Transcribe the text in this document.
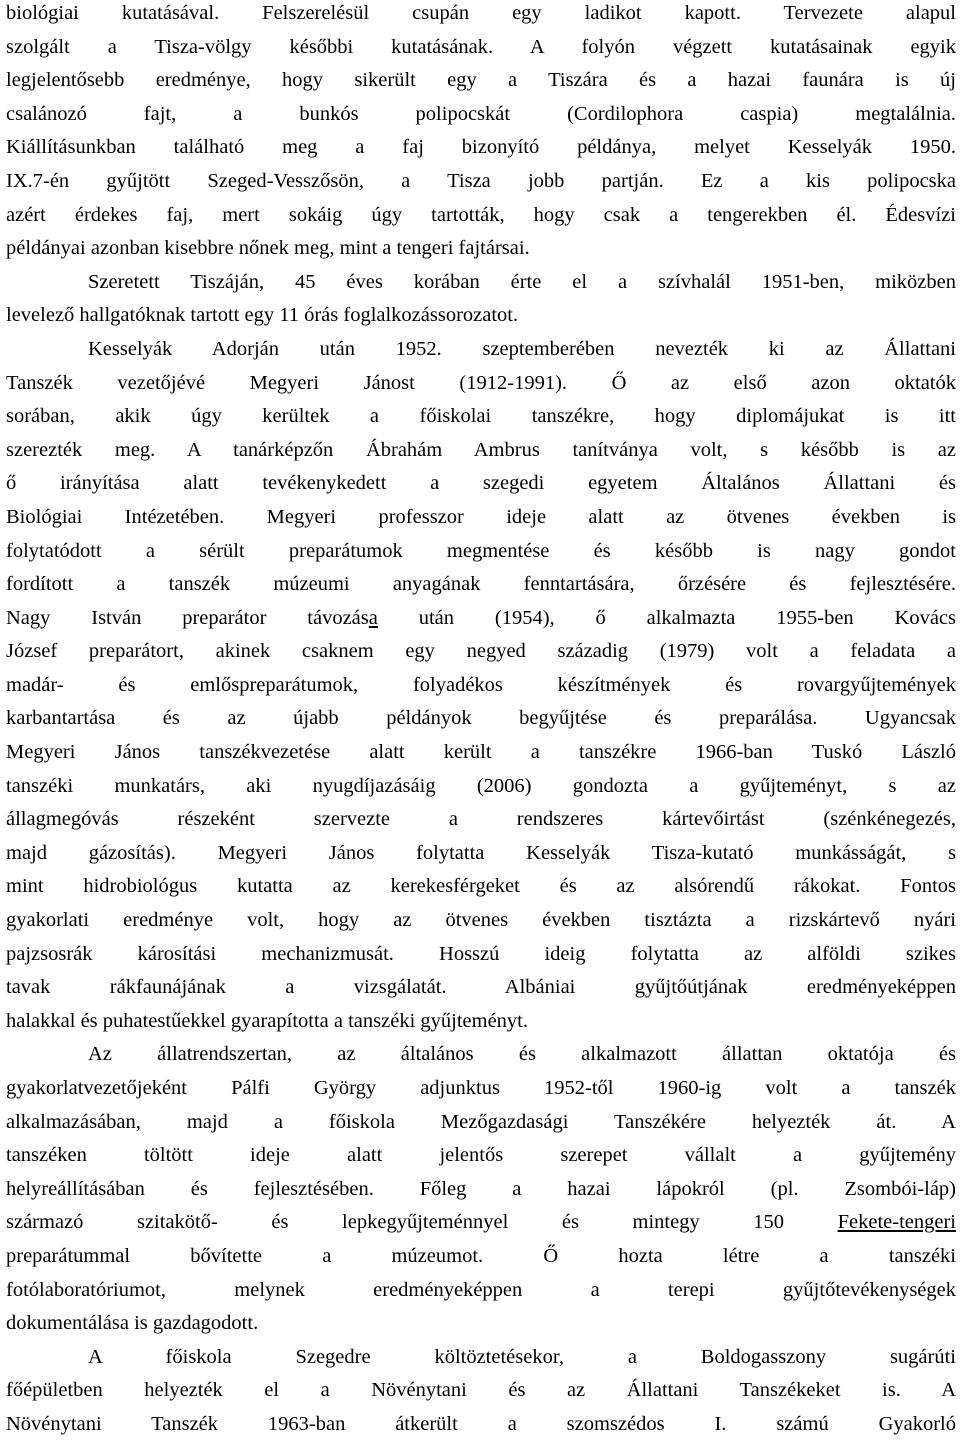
biológiai kutatásával. Felszerelésül csupán egy ladikot kapott. Tervezete alapul
szolgált a Tisza-völgy későbbi kutatásának. A folyón végzett kutatásainak egyik
legjelentősebb eredménye, hogy sikerült egy a Tiszára és a hazai faunára is új
csalánozó fajt, a bunkós polipocskát (Cordilophora caspia) megtalálnia.
Kiállításunkban található meg a faj bizonyító példánya, melyet Kesselyák 1950.
IX.7-én gyűjtött Szeged-Vesszősön, a Tisza jobb partján. Ez a kis polipocska
azért érdekes faj, mert sokáig úgy tartották, hogy csak a tengerekben él. Édesvízi
példányai azonban kisebbre nőnek meg, mint a tengeri fajtársai.
Szeretett Tiszáján, 45 éves korában érte el a szívhalál 1951-ben, miközben
levelező hallgatóknak tartott egy 11 órás foglalkozássorozatot.
Kesselyák Adorján után 1952. szeptemberében nevezték ki az Állattani
Tanszék vezetőjévé Megyeri Jánost (1912-1991). Ő az első azon oktatók
sorában, akik úgy kerültek a főiskolai tanszékre, hogy diplomájukat is itt
szerezték meg. A tanárképzőn Ábrahám Ambrus tanítványa volt, s később is az
ő irányítása alatt tevékenykedett a szegedi egyetem Általános Állattani és
Biológiai Intézetében. Megyeri professzor ideje alatt az ötvenes években is
folytatódott a sérült preparátumok megmentése és később is nagy gondot
fordított a tanszék múzeumi anyagának fenntartására, őrzésére és fejlesztésére.
Nagy István preparátor távozása után (1954), ő alkalmazta 1955-ben Kovács
József preparátort, akinek csaknem egy negyed századig (1979) volt a feladata a
madár- és emlőspreparátumok, folyadékos készítmények és rovargyűjtemények
karbantartása és az újabb példányok begyűjtése és preparálása. Ugyancsak
Megyeri János tanszékvezetése alatt került a tanszékre 1966-ban Tuskó László
tanszéki munkatárs, aki nyugdíjazásáig (2006) gondozta a gyűjteményt, s az
állagmegóvás részeként szervezte a rendszeres kártevőirtást (szénkénegezés,
majd gázosítás). Megyeri János folytatta Kesselyák Tisza-kutató munkásságát, s
mint hidrobiológus kutatta az kerekesférgeket és az alsórendű rákokat. Fontos
gyakorlati eredménye volt, hogy az ötvenes években tisztázta a rizskártevő nyári
pajzsosrák károsítási mechanizmusát. Hosszú ideig folytatta az alföldi szikes
tavak rákfaunájának a vizsgálatát. Albániai gyűjtőútjának eredményeképpen
halakkal és puhatestűekkel gyarapította a tanszéki gyűjteményt.
Az állatrendszertan, az általános és alkalmazott állattan oktatója és
gyakorlatvezetőjeként Pálfi György adjunktus 1952-től 1960-ig volt a tanszék
alkalmazásában, majd a főiskola Mezőgazdasági Tanszékére helyezték át. A
tanszéken töltött ideje alatt jelentős szerepet vállalt a gyűjtemény
helyreállításában és fejlesztésében. Főleg a hazai lápokról (pl. Zsombói-láp)
származó szitakötő- és lepkegyűjteménnyel és mintegy 150 Fekete-tengeri
preparátummal bővítette a múzeumot. Ő hozta létre a tanszéki
fotólaboratóriumot, melynek eredményeképpen a terepi gyűjtőtevékenységek
dokumentálása is gazdagodott.
A főiskola Szegedre költöztetésekor, a Boldogasszony sugárúti
főépületben helyezték el a Növénytani és az Állattani Tanszékeket is. A
Növénytani Tanszék 1963-ban átkerült a szomszédos I. számú Gyakorló
